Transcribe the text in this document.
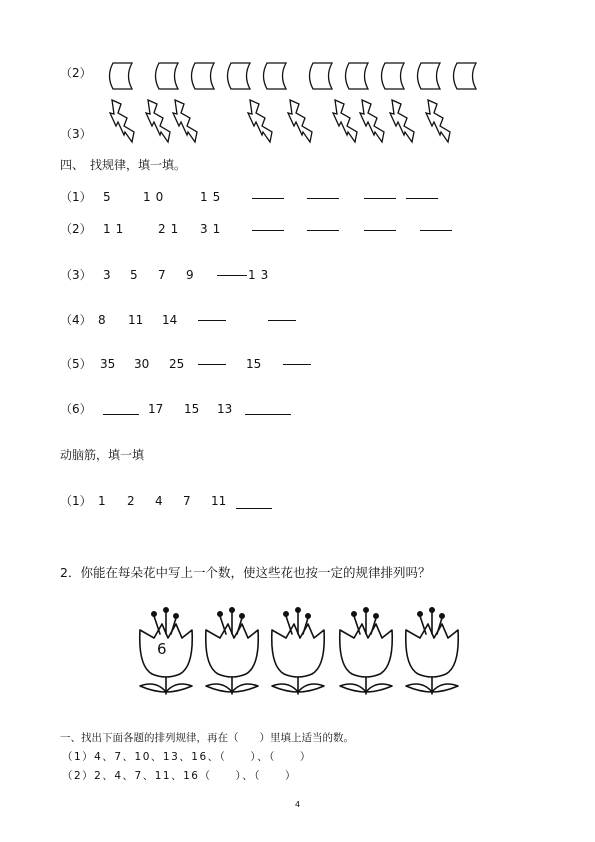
（2）
（3）
四、　找规律，填一填。
（1） 5	10	15
（2） 11 21 31
（3） 3 5 7 9	13
（4） 8 11 14
（5） 35 30 25	15
（6）	17 15 13
动脑筋，填一填
（1） 1 2 4 7 11
2．你能在每朵花中写上一个数，使这些花也按一定的规律排列吗？
6
一、找出下面各题的排列规律，再在（　　）里填上适当的数。
（1）4、7、10、13、16、（　　）、（　　）
（2）2、4、7、11、16（　　）、（　　）
4
